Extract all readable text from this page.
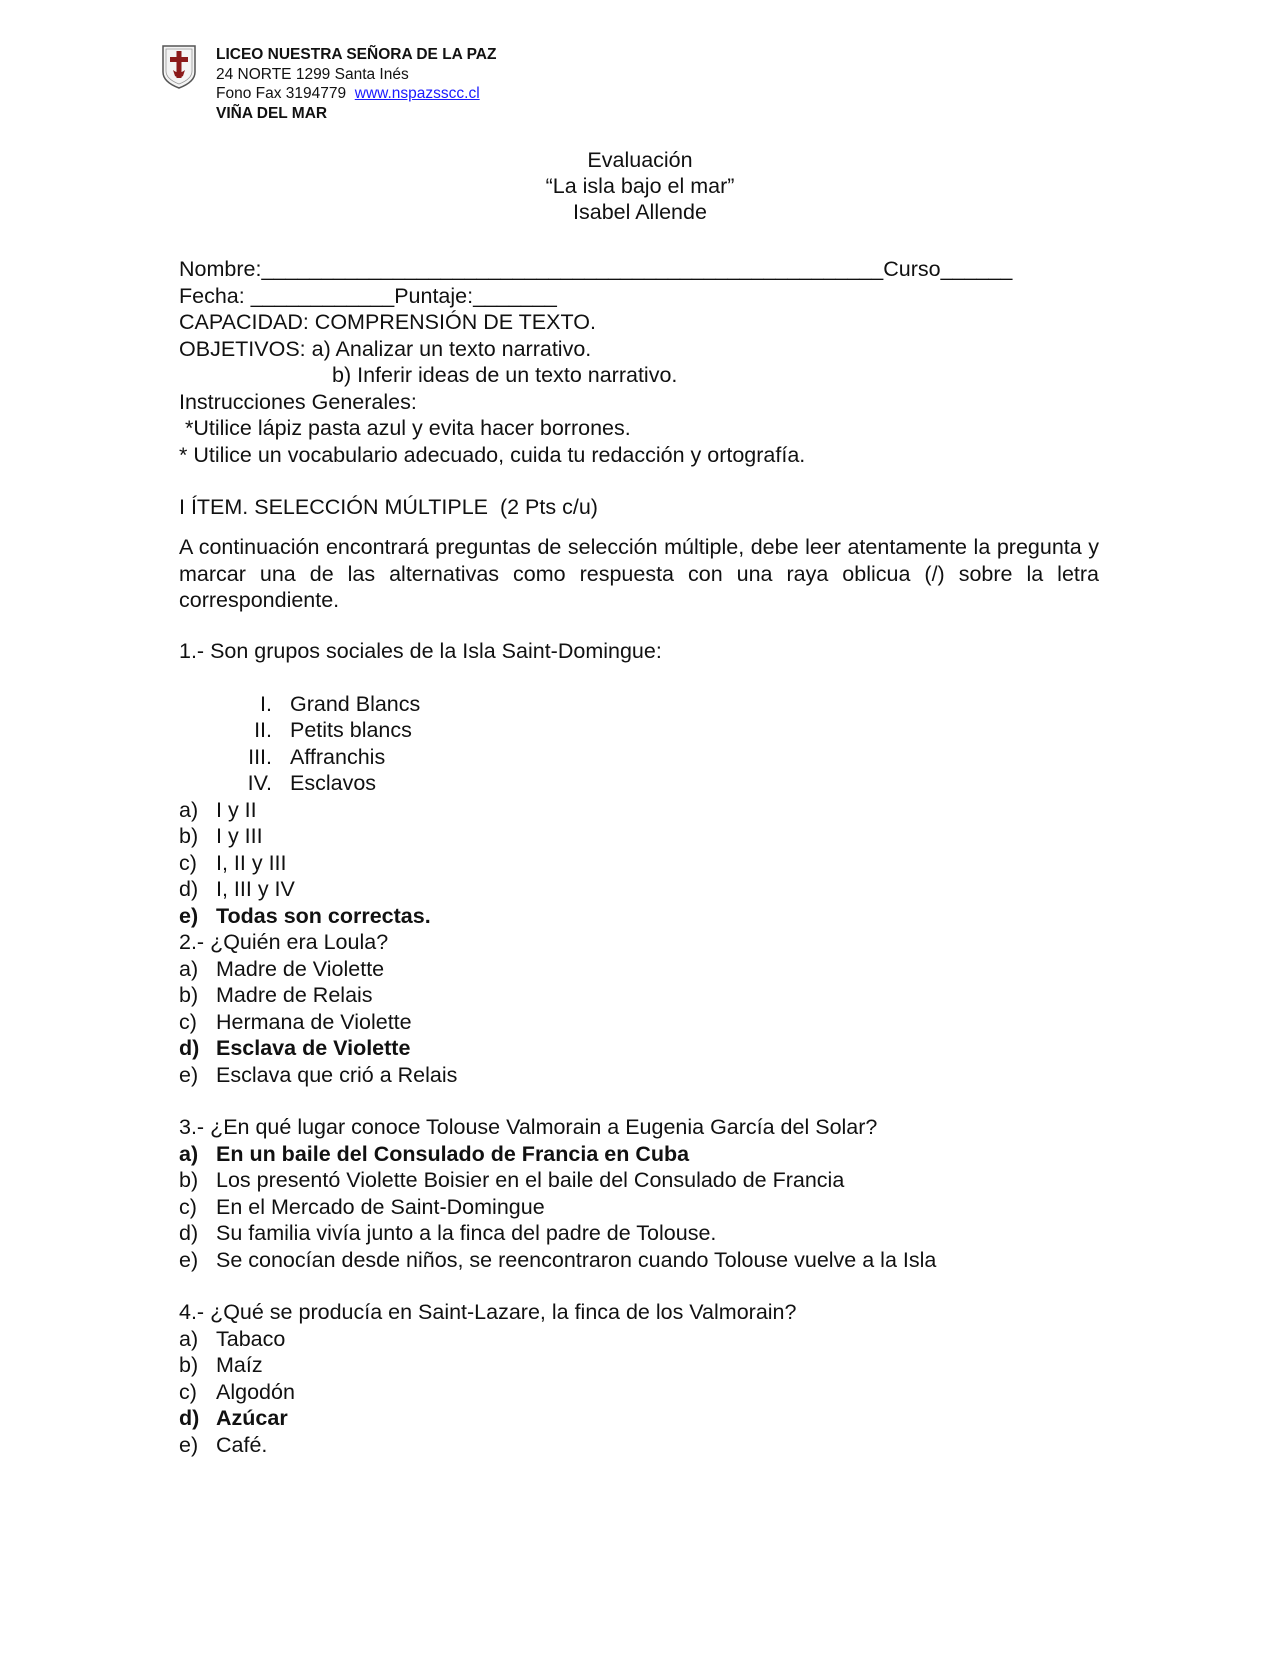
LICEO NUESTRA SEÑORA DE LA PAZ
24 NORTE 1299 Santa Inés
Fono Fax 3194779 www.nspazsscc.cl
VIÑA DEL MAR
Evaluación
“La isla bajo el mar”
Isabel Allende
Nombre:____________________________________________________Curso______
Fecha: ____________Puntaje:_______
CAPACIDAD: COMPRENSIÓN DE TEXTO.
OBJETIVOS: a) Analizar un texto narrativo.
b) Inferir ideas de un texto narrativo.
Instrucciones Generales:
*Utilice lápiz pasta azul y evita hacer borrones.
* Utilice un vocabulario adecuado, cuida tu redacción y ortografía.
I ÍTEM. SELECCIÓN MÚLTIPLE  (2 Pts c/u)
A continuación encontrará preguntas de selección múltiple, debe leer atentamente la pregunta y marcar una de las alternativas como respuesta con una raya oblicua (/) sobre la letra correspondiente.
1.- Son grupos sociales de la Isla Saint-Domingue:
I. Grand Blancs
II. Petits blancs
III. Affranchis
IV. Esclavos
a) I y II
b) I y III
c) I, II y III
d) I, III y IV
e) Todas son correctas.
2.- ¿Quién era Loula?
a) Madre de Violette
b) Madre de Relais
c) Hermana de Violette
d) Esclava de Violette
e) Esclava que crió a Relais
3.- ¿En qué lugar conoce Tolouse Valmorain a Eugenia García del Solar?
a) En un baile del Consulado de Francia en Cuba
b) Los presentó Violette Boisier en el baile del Consulado de Francia
c) En el Mercado de Saint-Domingue
d) Su familia vivía junto a la finca del padre de Tolouse.
e) Se conocían desde niños, se reencontraron cuando Tolouse vuelve a la Isla
4.- ¿Qué se producía en Saint-Lazare, la finca de los Valmorain?
a) Tabaco
b) Maíz
c) Algodón
d) Azúcar
e) Café.
